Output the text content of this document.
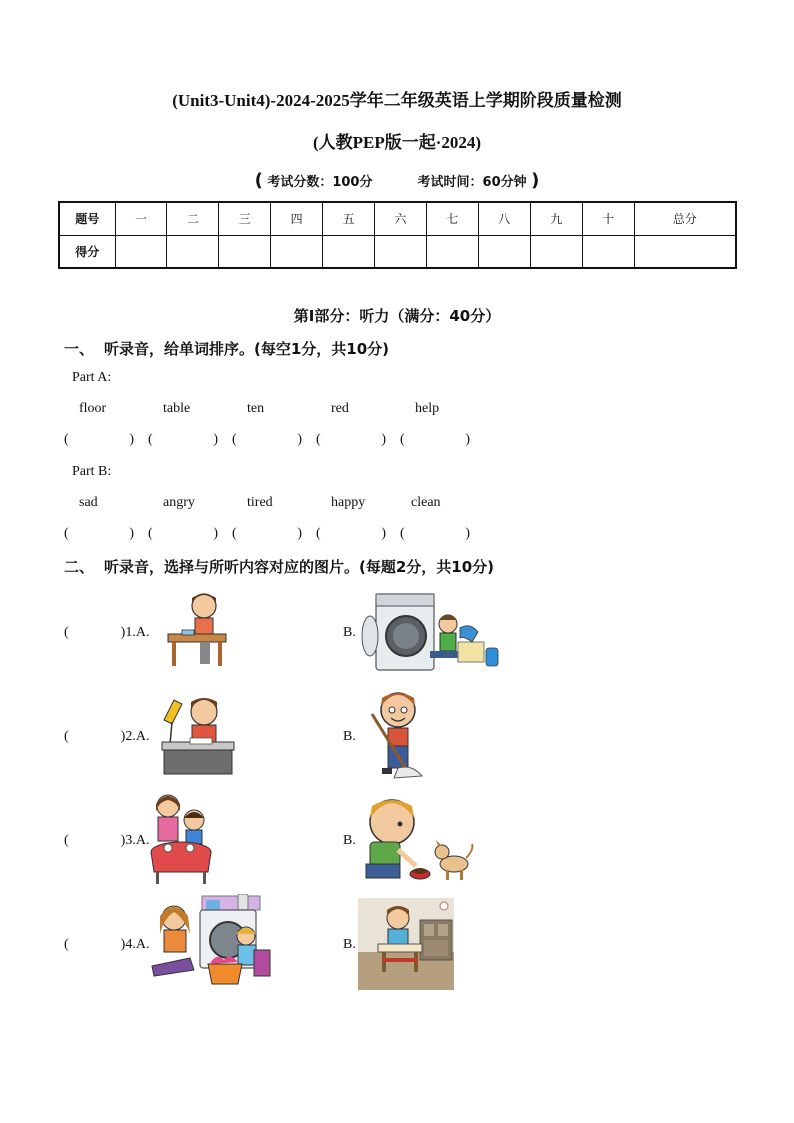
(Unit3-Unit4)-2024-2025学年二年级英语上学期阶段质量检测
(人教PEP版一起·2024)
( 考试分数：100分	考试时间：60分钟 )
题号	一	二	三	四	五	六	七	八	九	十	总分
得分											
第Ⅰ部分：听力（满分：40分）
一、 听录音，给单词排序。(每空1分，共10分)
Part A:
floor	table	ten	red	help
(	) (	) (	) (	) (	)
Part B:
sad	angry	tired	happy	clean
(	) (	) (	) (	) (	)
二、 听录音，选择与所听内容对应的图片。(每题2分，共10分)
(	)1.A.	B.
(	)2.A.	B.
(	)3.A.	B.
(	)4.A.	B.
